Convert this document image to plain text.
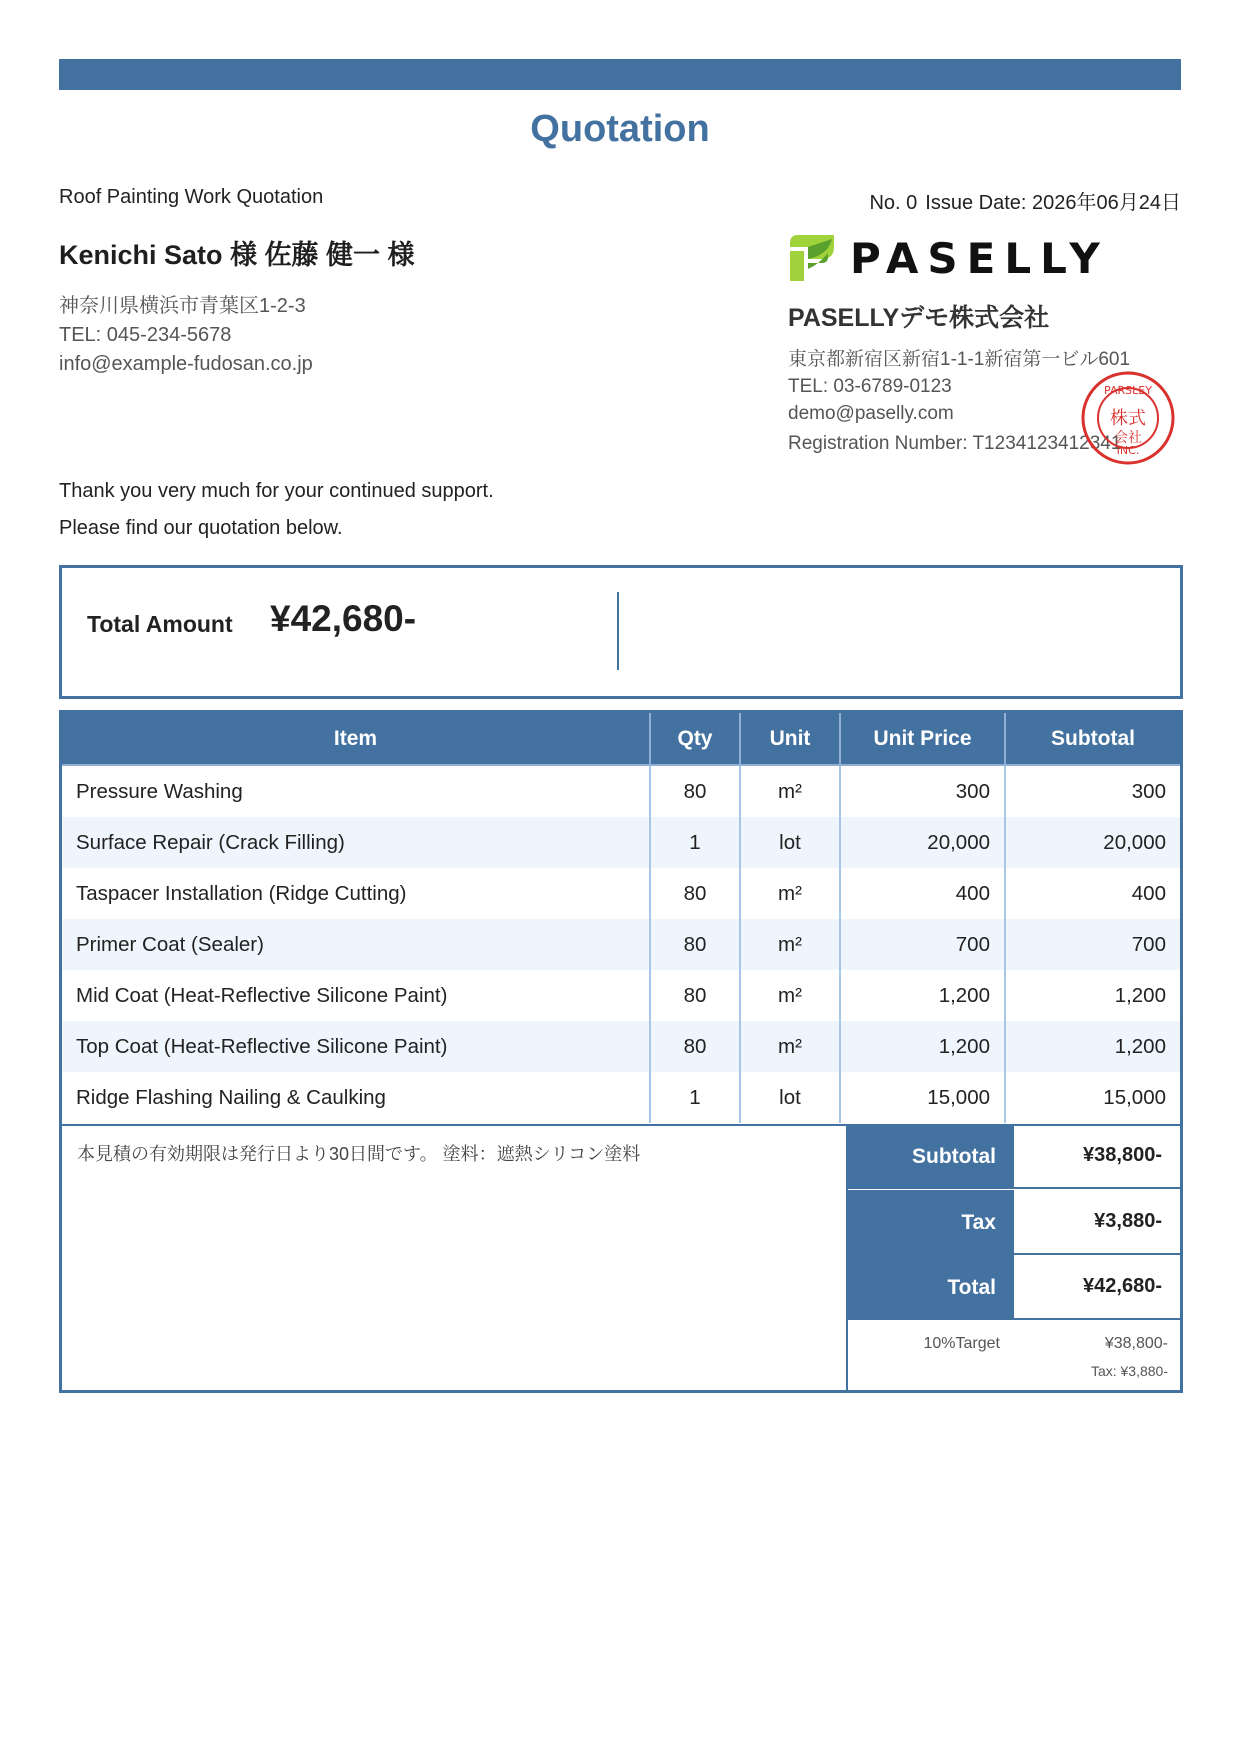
Quotation
Roof Painting Work Quotation	No. 0 Issue Date: 2026年06月24日
Kenichi Sato 様 佐藤 健一 様
神奈川県横浜市青葉区1-2-3
TEL: 045-234-5678
info@example-fudosan.co.jp
PASELLY
PASELLYデモ株式会社
東京都新宿区新宿1-1-1新宿第一ビル601
TEL: 03-6789-0123
demo@paselly.com
Registration Number: T1234123412341
PARSLEY
INC.
株式
会社
Thank you very much for your continued support.
Please find our quotation below.
Total Amount ¥42,680-
Item	Qty	Unit	Unit Price	Subtotal
Pressure Washing	80	m²	300	300
Surface Repair (Crack Filling)	1	lot	20,000	20,000
Taspacer Installation (Ridge Cutting)	80	m²	400	400
Primer Coat (Sealer)	80	m²	700	700
Mid Coat (Heat-Reflective Silicone Paint)	80	m²	1,200	1,200
Top Coat (Heat-Reflective Silicone Paint)	80	m²	1,200	1,200
Ridge Flashing Nailing & Caulking	1	lot	15,000	15,000
本見積の有効期限は発行日より30日間です。 塗料：遮熱シリコン塗料	Subtotal	¥38,800-
Tax	¥3,880-
Total	¥42,680-
10%Target	¥38,800-
Tax: ¥3,880-
